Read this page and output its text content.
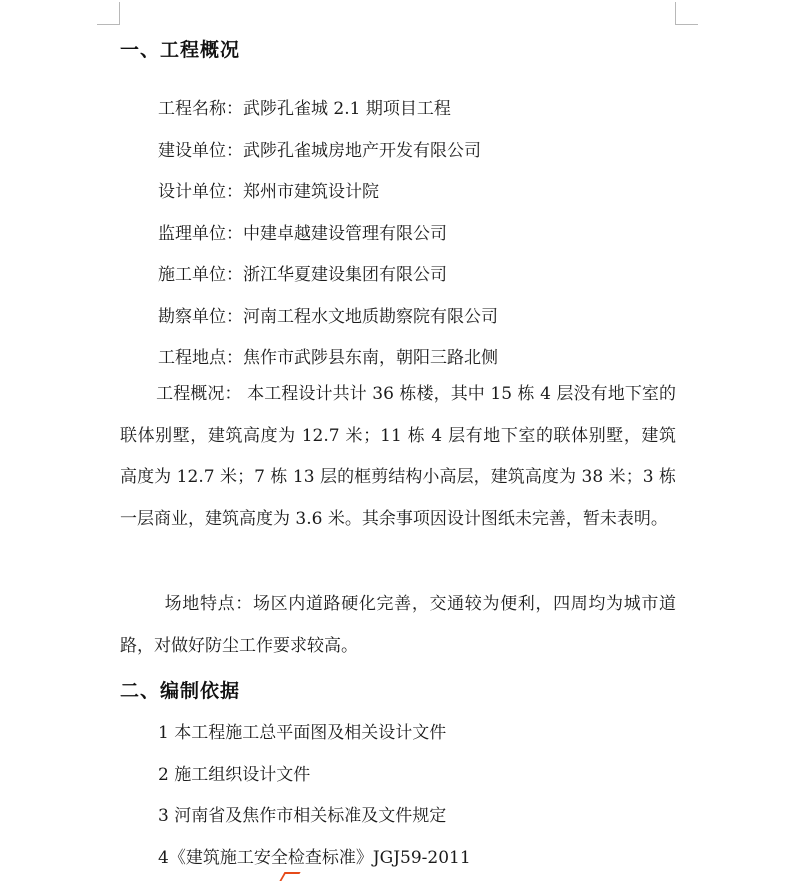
一、工程概况
工程名称：武陟孔雀城 2.1 期项目工程
建设单位：武陟孔雀城房地产开发有限公司
设计单位：郑州市建筑设计院
监理单位：中建卓越建设管理有限公司
施工单位：浙江华夏建设集团有限公司
勘察单位：河南工程水文地质勘察院有限公司
工程地点：焦作市武陟县东南，朝阳三路北侧
工程概况： 本工程设计共计 36 栋楼，其中 15 栋 4 层没有地下室的联体别墅，建筑高度为 12.7 米；11 栋 4 层有地下室的联体别墅，建筑高度为 12.7 米；7 栋 13 层的框剪结构小高层，建筑高度为 38 米；3 栋一层商业，建筑高度为 3.6 米。其余事项因设计图纸未完善，暂未表明。
场地特点：场区内道路硬化完善，交通较为便利，四周均为城市道路，对做好防尘工作要求较高。
二、编制依据
1 本工程施工总平面图及相关设计文件
2 施工组织设计文件
3 河南省及焦作市相关标准及文件规定
4《建筑施工安全检查标准》JGJ59-2011
